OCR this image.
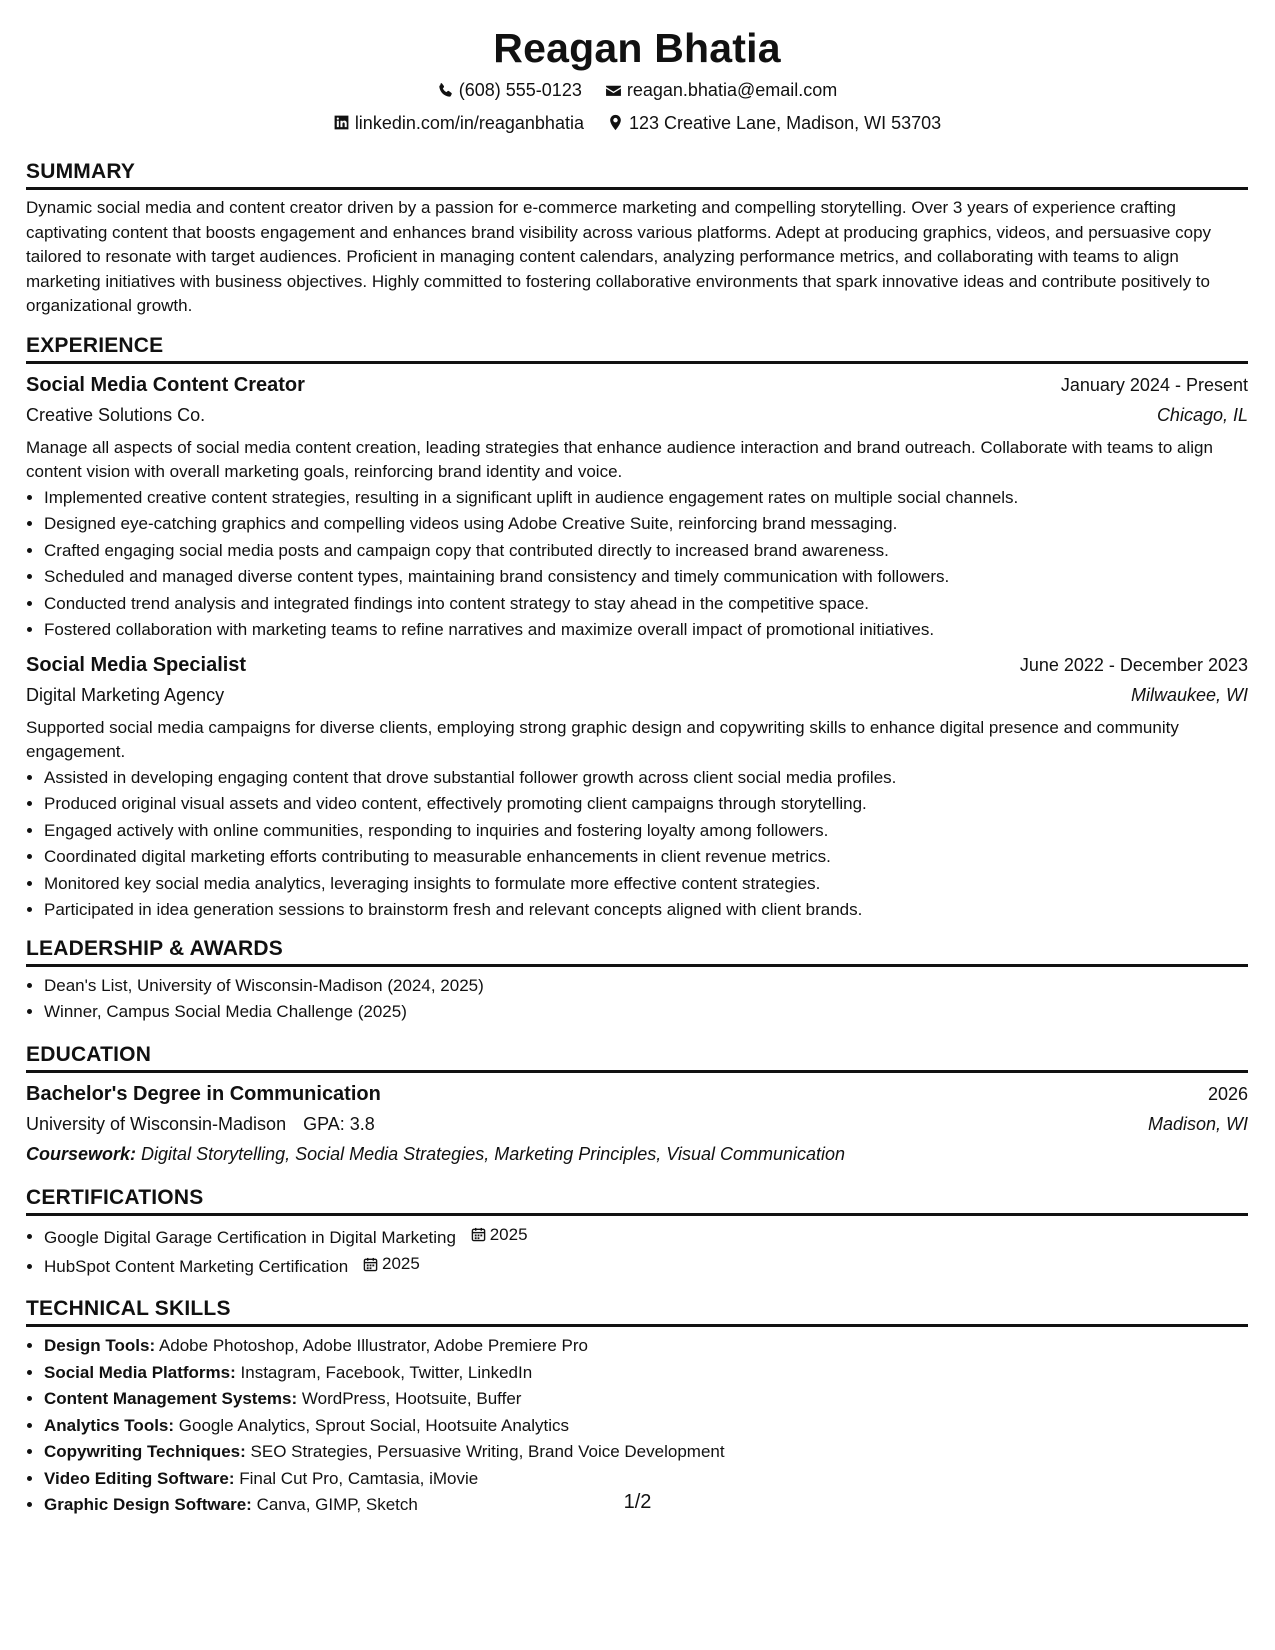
Reagan Bhatia
(608) 555-0123
	reagan.bhatia@email.com
linkedin.com/in/reaganbhatia
	123 Creative Lane, Madison, WI 53703
SUMMARY

Dynamic social media and content creator driven by a passion for e-commerce marketing and compelling storytelling. Over 3 years of experience crafting captivating content that boosts engagement and enhances brand visibility across various platforms. Adept at producing graphics, videos, and persuasive copy tailored to resonate with target audiences. Proficient in managing content calendars, analyzing performance metrics, and collaborating with teams to align marketing initiatives with business objectives. Highly committed to fostering collaborative environments that spark innovative ideas and contribute positively to organizational growth.

EXPERIENCE
Social Media Content Creator	January 2024 - Present
Creative Solutions Co.	Chicago, IL

Manage all aspects of social media content creation, leading strategies that enhance audience interaction and brand outreach. Collaborate with teams to align content vision with overall marketing goals, reinforcing brand identity and voice.

• Implemented creative content strategies, resulting in a significant uplift in audience engagement rates on multiple social channels.
• Designed eye-catching graphics and compelling videos using Adobe Creative Suite, reinforcing brand messaging.
• Crafted engaging social media posts and campaign copy that contributed directly to increased brand awareness.
• Scheduled and managed diverse content types, maintaining brand consistency and timely communication with followers.
• Conducted trend analysis and integrated findings into content strategy to stay ahead in the competitive space.
• Fostered collaboration with marketing teams to refine narratives and maximize overall impact of promotional initiatives.
Social Media Specialist	June 2022 - December 2023
Digital Marketing Agency	Milwaukee, WI

Supported social media campaigns for diverse clients, employing strong graphic design and copywriting skills to enhance digital presence and community engagement.

• Assisted in developing engaging content that drove substantial follower growth across client social media profiles.
• Produced original visual assets and video content, effectively promoting client campaigns through storytelling.
• Engaged actively with online communities, responding to inquiries and fostering loyalty among followers.
• Coordinated digital marketing efforts contributing to measurable enhancements in client revenue metrics.
• Monitored key social media analytics, leveraging insights to formulate more effective content strategies.
• Participated in idea generation sessions to brainstorm fresh and relevant concepts aligned with client brands.
LEADERSHIP & AWARDS
• Dean's List, University of Wisconsin-Madison (2024, 2025)
• Winner, Campus Social Media Challenge (2025)
EDUCATION
Bachelor's Degree in Communication	2026
University of Wisconsin-Madison GPA: 3.8	Madison, WI
Coursework: Digital Storytelling, Social Media Strategies, Marketing Principles, Visual Communication
CERTIFICATIONS
• Google Digital Garage Certification in Digital Marketing 2025
• HubSpot Content Marketing Certification 2025
TECHNICAL SKILLS
• Design Tools: Adobe Photoshop, Adobe Illustrator, Adobe Premiere Pro
• Social Media Platforms: Instagram, Facebook, Twitter, LinkedIn
• Content Management Systems: WordPress, Hootsuite, Buffer
• Analytics Tools: Google Analytics, Sprout Social, Hootsuite Analytics
• Copywriting Techniques: SEO Strategies, Persuasive Writing, Brand Voice Development
• Video Editing Software: Final Cut Pro, Camtasia, iMovie
• Graphic Design Software: Canva, GIMP, Sketch	1/2
